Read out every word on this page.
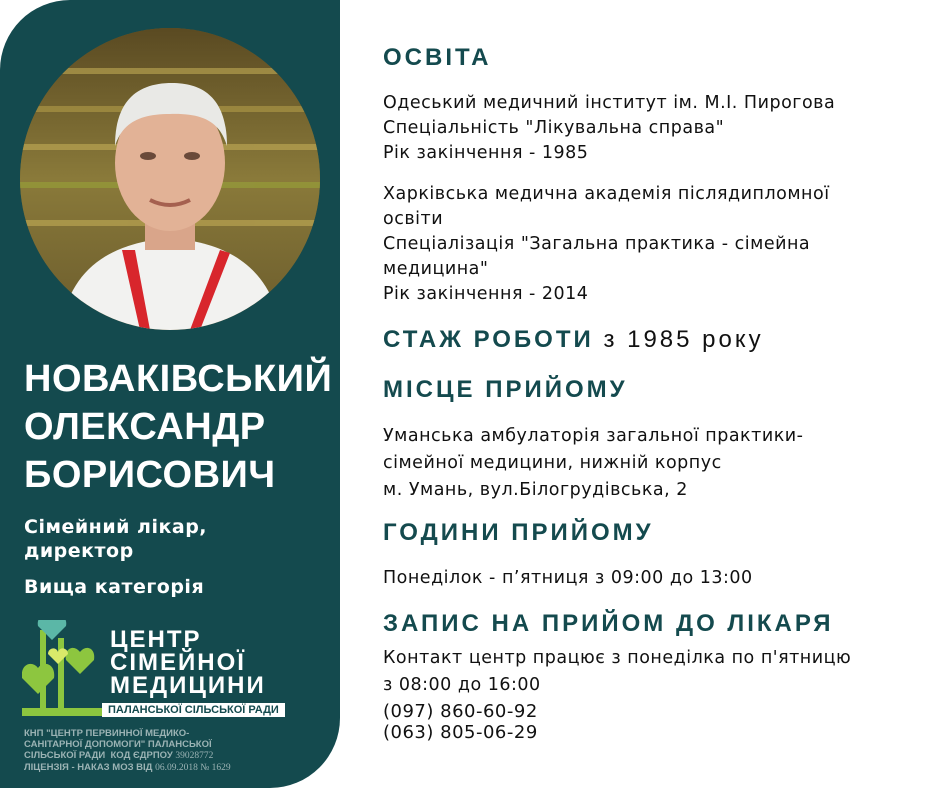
НОВАКІВСЬКИЙ
ОЛЕКСАНДР
БОРИСОВИЧ
Сімейний лікар,
директор
Вища категорія
ЦЕНТР
СІМЕЙНОЇ
МЕДИЦИНИ
ПАЛАНСЬКОЇ СІЛЬСЬКОЇ РАДИ
КНП "ЦЕНТР ПЕРВИННОЇ МЕДИКО-
САНІТАРНОЇ ДОПОМОГИ" ПАЛАНСЬКОЇ
СІЛЬСЬКОЇ РАДИ КОД ЄДРПОУ 39028772
ЛІЦЕНЗІЯ - НАКАЗ МОЗ ВІД 06.09.2018 № 1629
ОСВІТА
Одеський медичний інститут ім. М.І. Пирогова
Спеціальність "Лікувальна справа"
Рік закінчення - 1985
Харківська медична академія післядипломної
освіти
Спеціалізація "Загальна практика - сімейна
медицина"
Рік закінчення - 2014
СТАЖ РОБОТИ з 1985 року
МІСЦЕ ПРИЙОМУ
Уманська амбулаторія загальної практики-
сімейної медицини, нижній корпус
м. Умань, вул.Білогрудівська, 2
ГОДИНИ ПРИЙОМУ
Понеділок - п’ятниця з 09:00 до 13:00
ЗАПИС НА ПРИЙОМ ДО ЛІКАРЯ
Контакт центр працює з понеділка по п'ятницю
з 08:00 до 16:00
(097) 860-60-92
(063) 805-06-29
